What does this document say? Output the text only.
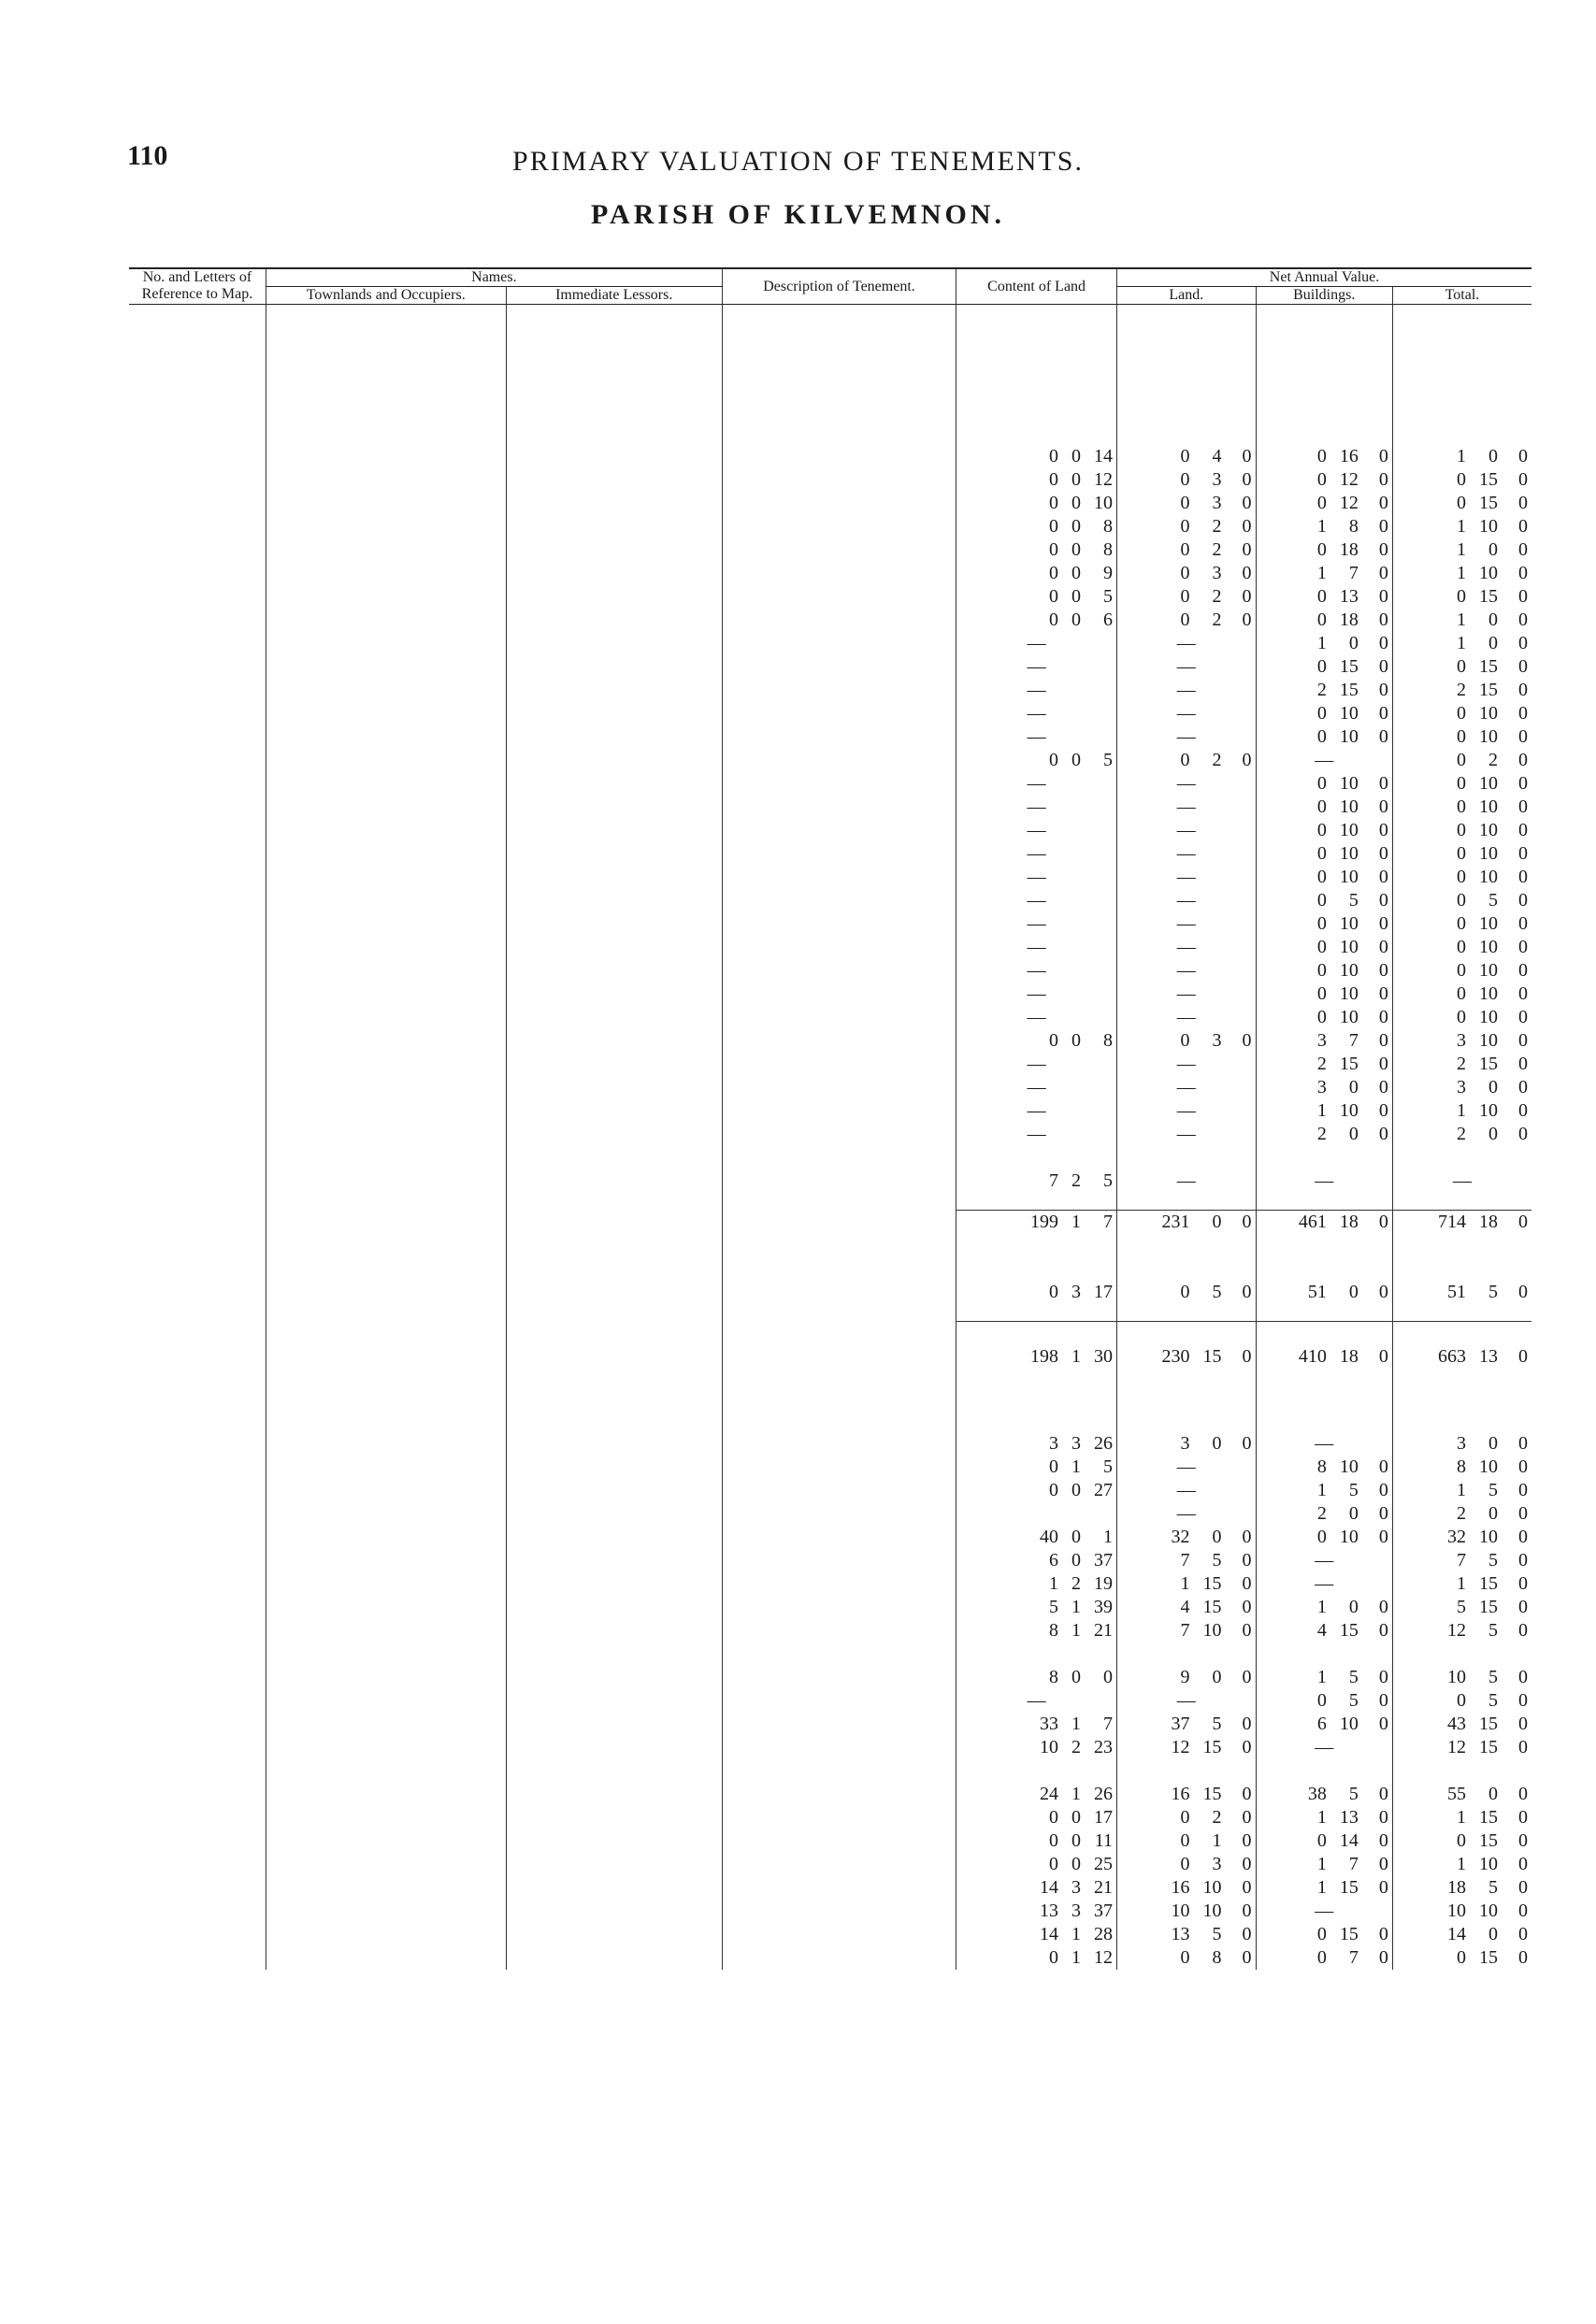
110	PRIMARY VALUATION OF TENEMENTS.
PARISH OF KILVEMNON.
No. and Letters of Reference to Map.	Names.		Description of Tenement.	Content of Land	Net Annual Value.		
	Townlands and Occupiers.	Immediate Lessors.			Land.	Buildings.	Total.

				0 0 14	0 4 0	0 16 0	1 0 0
				0 0 12	0 3 0	0 12 0	0 15 0
				0 0 10	0 3 0	0 12 0	0 15 0
				0 0 8	0 2 0	1 8 0	1 10 0
				0 0 8	0 2 0	0 18 0	1 0 0
				0 0 9	0 3 0	1 7 0	1 10 0
				0 0 5	0 2 0	0 13 0	0 15 0
				0 0 6	0 2 0	0 18 0	1 0 0
				—	—	1 0 0	1 0 0
				—	—	0 15 0	0 15 0
				—	—	2 15 0	2 15 0
				—	—	0 10 0	0 10 0
				—	—	0 10 0	0 10 0
				0 0 5	0 2 0	—	0 2 0
				—	—	0 10 0	0 10 0
				—	—	0 10 0	0 10 0
				—	—	0 10 0	0 10 0
				—	—	0 10 0	0 10 0
				—	—	0 10 0	0 10 0
				—	—	0 5 0	0 5 0
				—	—	0 10 0	0 10 0
				—	—	0 10 0	0 10 0
				—	—	0 10 0	0 10 0
				—	—	0 10 0	0 10 0
				—	—	0 10 0	0 10 0
				0 0 8	0 3 0	3 7 0	3 10 0
				—	—	2 15 0	2 15 0
				—	—	3 0 0	3 0 0
				—	—	1 10 0	1 10 0
				—	—	2 0 0	2 0 0

				7 2 5	—	—	—

				199 1 7	231 0 0	461 18 0	714 18 0

				0 3 17	0 5 0	51 0 0	51 5 0

				198 1 30	230 15 0	410 18 0	663 13 0

				3 3 26	3 0 0	—	3 0 0
				0 1 5	—	8 10 0	8 10 0
				0 0 27	—	1 5 0	1 5 0
					—	2 0 0	2 0 0
				40 0 1	32 0 0	0 10 0	32 10 0
				6 0 37	7 5 0	—	7 5 0
				1 2 19	1 15 0	—	1 15 0
				5 1 39	4 15 0	1 0 0	5 15 0
				8 1 21	7 10 0	4 15 0	12 5 0

				8 0 0	9 0 0	1 5 0	10 5 0
				—	—	0 5 0	0 5 0
				33 1 7	37 5 0	6 10 0	43 15 0
				10 2 23	12 15 0	—	12 15 0

				24 1 26	16 15 0	38 5 0	55 0 0
				0 0 17	0 2 0	1 13 0	1 15 0
				0 0 11	0 1 0	0 14 0	0 15 0
				0 0 25	0 3 0	1 7 0	1 10 0
				14 3 21	16 10 0	1 15 0	18 5 0
				13 3 37	10 10 0	—	10 10 0
				14 1 28	13 5 0	0 15 0	14 0 0
				0 1 12	0 8 0	0 7 0	0 15 0
